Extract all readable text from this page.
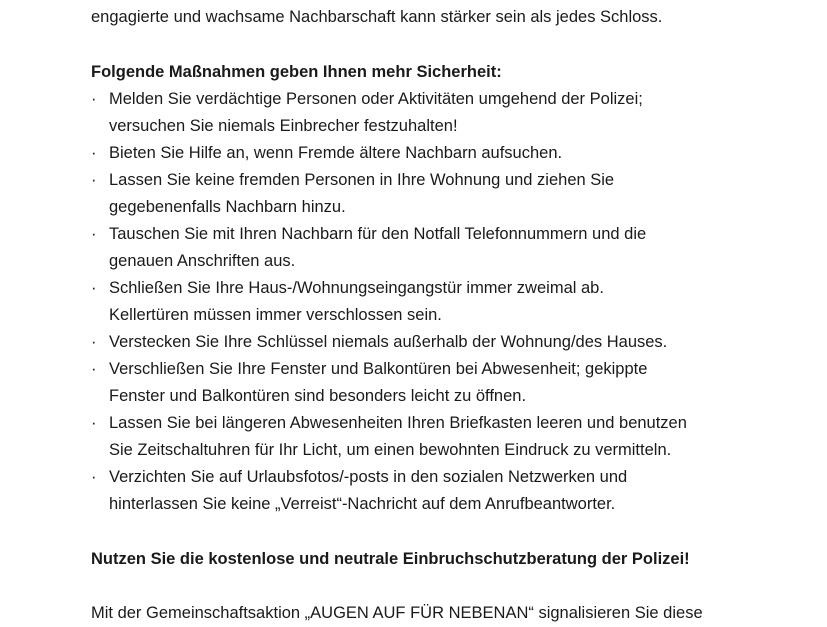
engagierte und wachsame Nachbarschaft kann stärker sein als jedes Schloss.
Folgende Maßnahmen geben Ihnen mehr Sicherheit:
· Melden Sie verdächtige Personen oder Aktivitäten umgehend der Polizei;
versuchen Sie niemals Einbrecher festzuhalten!
· Bieten Sie Hilfe an, wenn Fremde ältere Nachbarn aufsuchen.
· Lassen Sie keine fremden Personen in Ihre Wohnung und ziehen Sie
gegebenenfalls Nachbarn hinzu.
· Tauschen Sie mit Ihren Nachbarn für den Notfall Telefonnummern und die
genauen Anschriften aus.
· Schließen Sie Ihre Haus-/Wohnungseingangstür immer zweimal ab.
Kellertüren müssen immer verschlossen sein.
· Verstecken Sie Ihre Schlüssel niemals außerhalb der Wohnung/des Hauses.
· Verschließen Sie Ihre Fenster und Balkontüren bei Abwesenheit; gekippte
Fenster und Balkontüren sind besonders leicht zu öffnen.
· Lassen Sie bei längeren Abwesenheiten Ihren Briefkasten leeren und benutzen
Sie Zeitschaltuhren für Ihr Licht, um einen bewohnten Eindruck zu vermitteln.
· Verzichten Sie auf Urlaubsfotos/-posts in den sozialen Netzwerken und
hinterlassen Sie keine „Verreist“-Nachricht auf dem Anrufbeantworter.
Nutzen Sie die kostenlose und neutrale Einbruchschutzberatung der Polizei!
Mit der Gemeinschaftsaktion „AUGEN AUF FÜR NEBENAN“ signalisieren Sie diese
